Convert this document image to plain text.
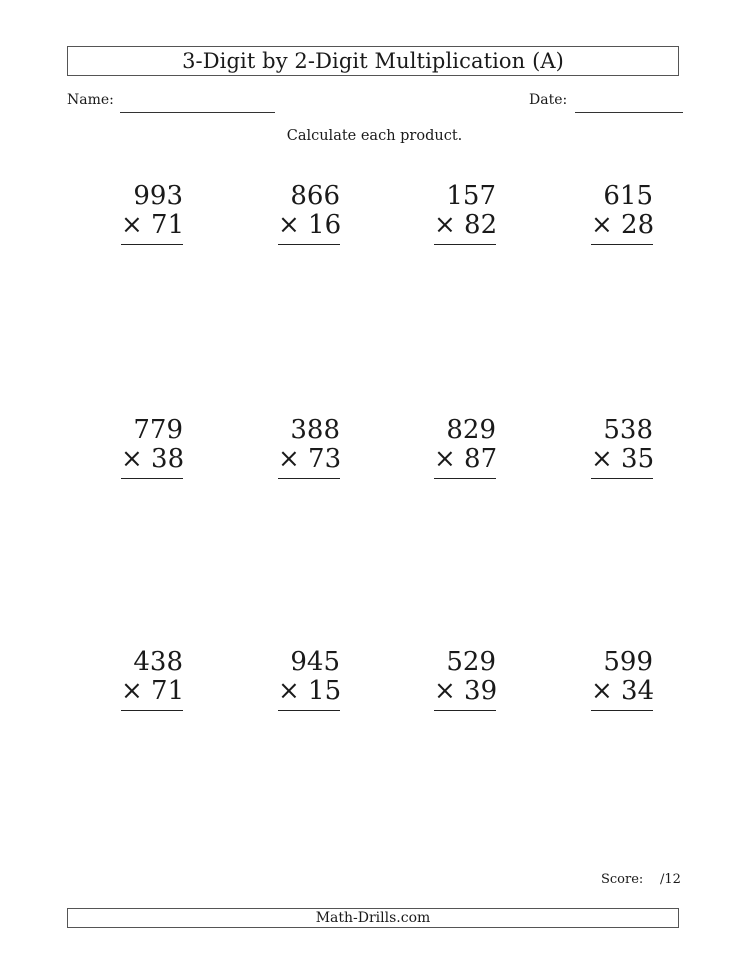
3-Digit by 2-Digit Multiplication (A)
Name:	Date:
Calculate each product.
993
× 71
866
× 16
157
× 82
615
× 28
779
× 38
388
× 73
829
× 87
538
× 35
438
× 71
945
× 15
529
× 39
599
× 34
Score: /12
Math-Drills.com
